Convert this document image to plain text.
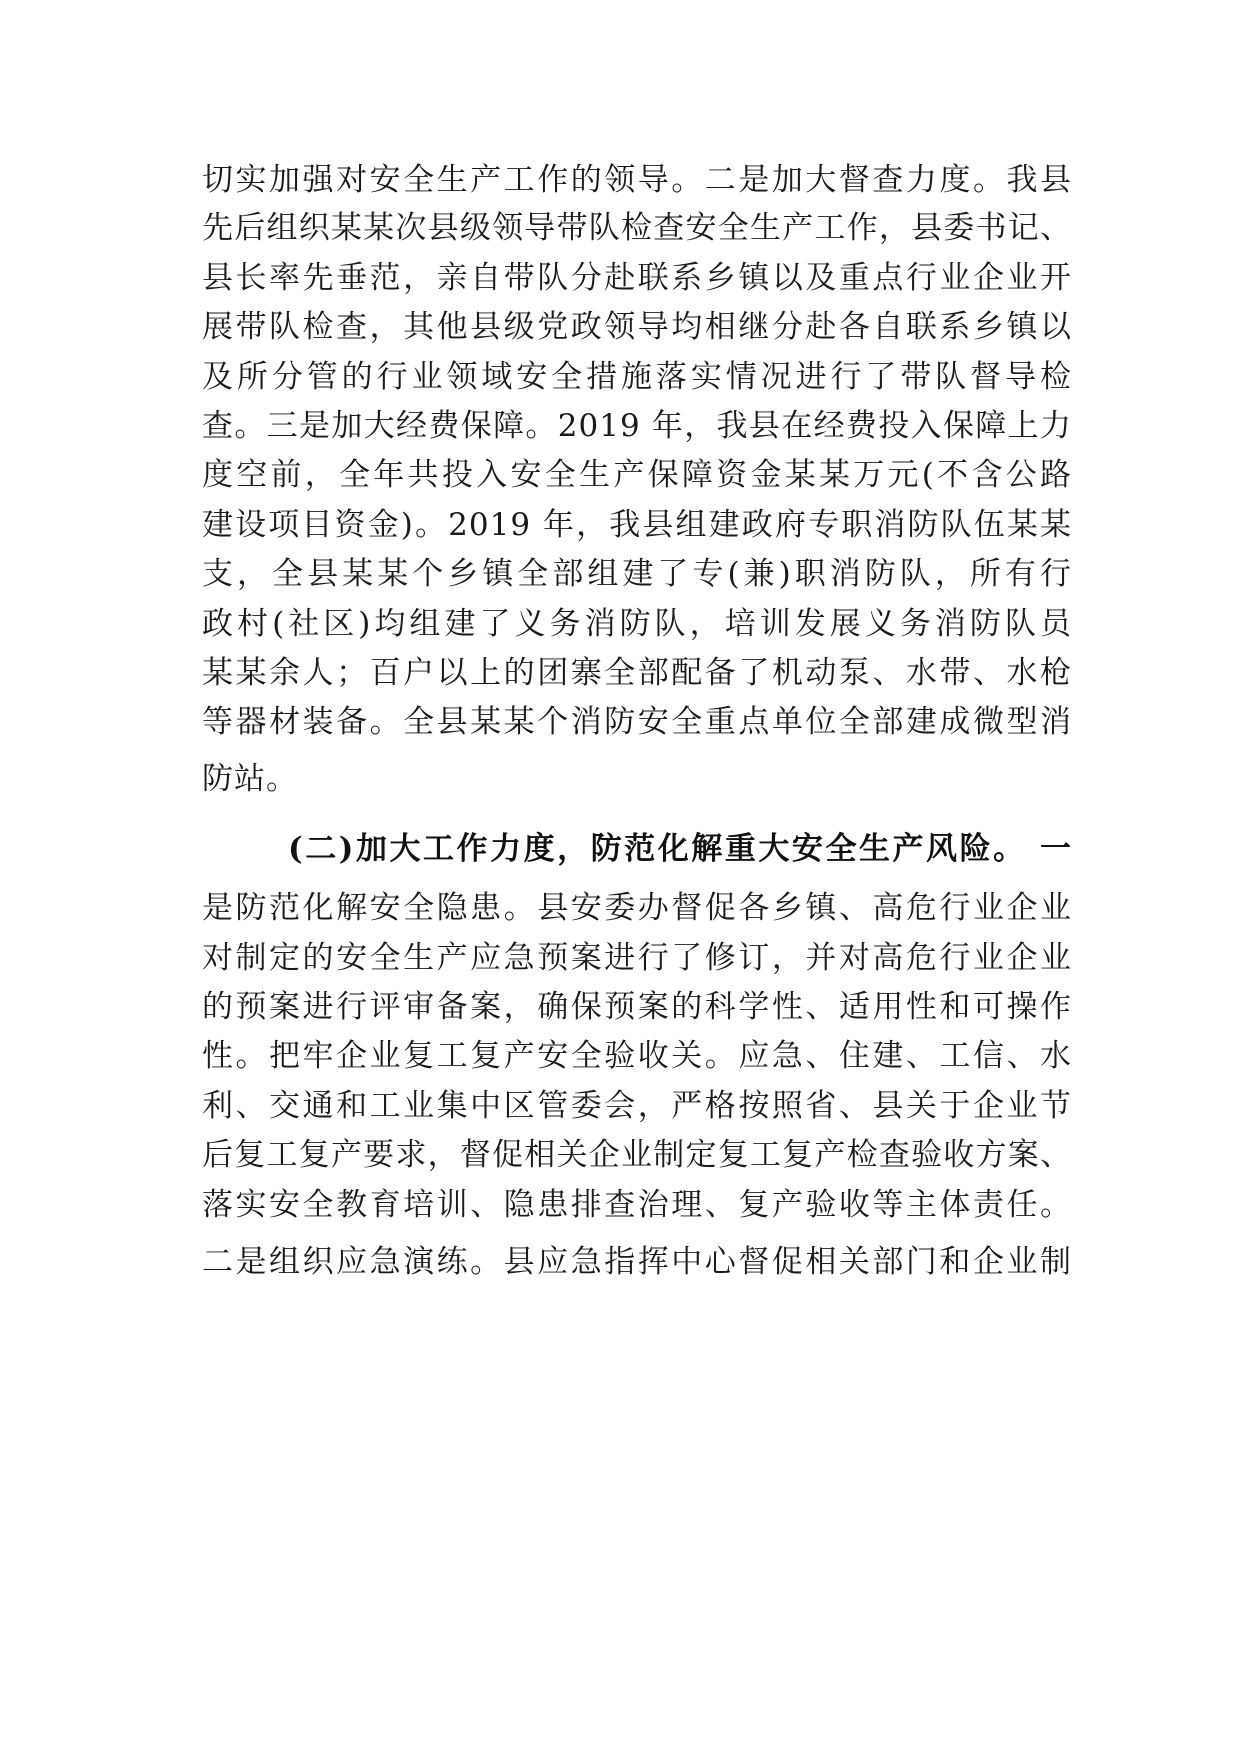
切实加强对安全生产工作的领导。二是加大督查力度。我县

先后组织某某次县级领导带队检查安全生产工作，县委书记、

县长率先垂范，亲自带队分赴联系乡镇以及重点行业企业开

展带队检查，其他县级党政领导均相继分赴各自联系乡镇以

及所分管的行业领域安全措施落实情况进行了带队督导检

查。三是加大经费保障。2019 年，我县在经费投入保障上力

度空前，全年共投入安全生产保障资金某某万元(不含公路

建设项目资金)。2019 年，我县组建政府专职消防队伍某某

支，全县某某个乡镇全部组建了专(兼)职消防队，所有行

政村(社区)均组建了义务消防队，培训发展义务消防队员

某某余人；百户以上的团寨全部配备了机动泵、水带、水枪

等器材装备。全县某某个消防安全重点单位全部建成微型消

防站。

(二)加大工作力度，防范化解重大安全生产风险。 一

是防范化解安全隐患。县安委办督促各乡镇、高危行业企业

对制定的安全生产应急预案进行了修订，并对高危行业企业

的预案进行评审备案，确保预案的科学性、适用性和可操作

性。把牢企业复工复产安全验收关。应急、住建、工信、水

利、交通和工业集中区管委会，严格按照省、县关于企业节

后复工复产要求，督促相关企业制定复工复产检查验收方案、

落实安全教育培训、隐患排查治理、复产验收等主体责任。

二是组织应急演练。县应急指挥中心督促相关部门和企业制
